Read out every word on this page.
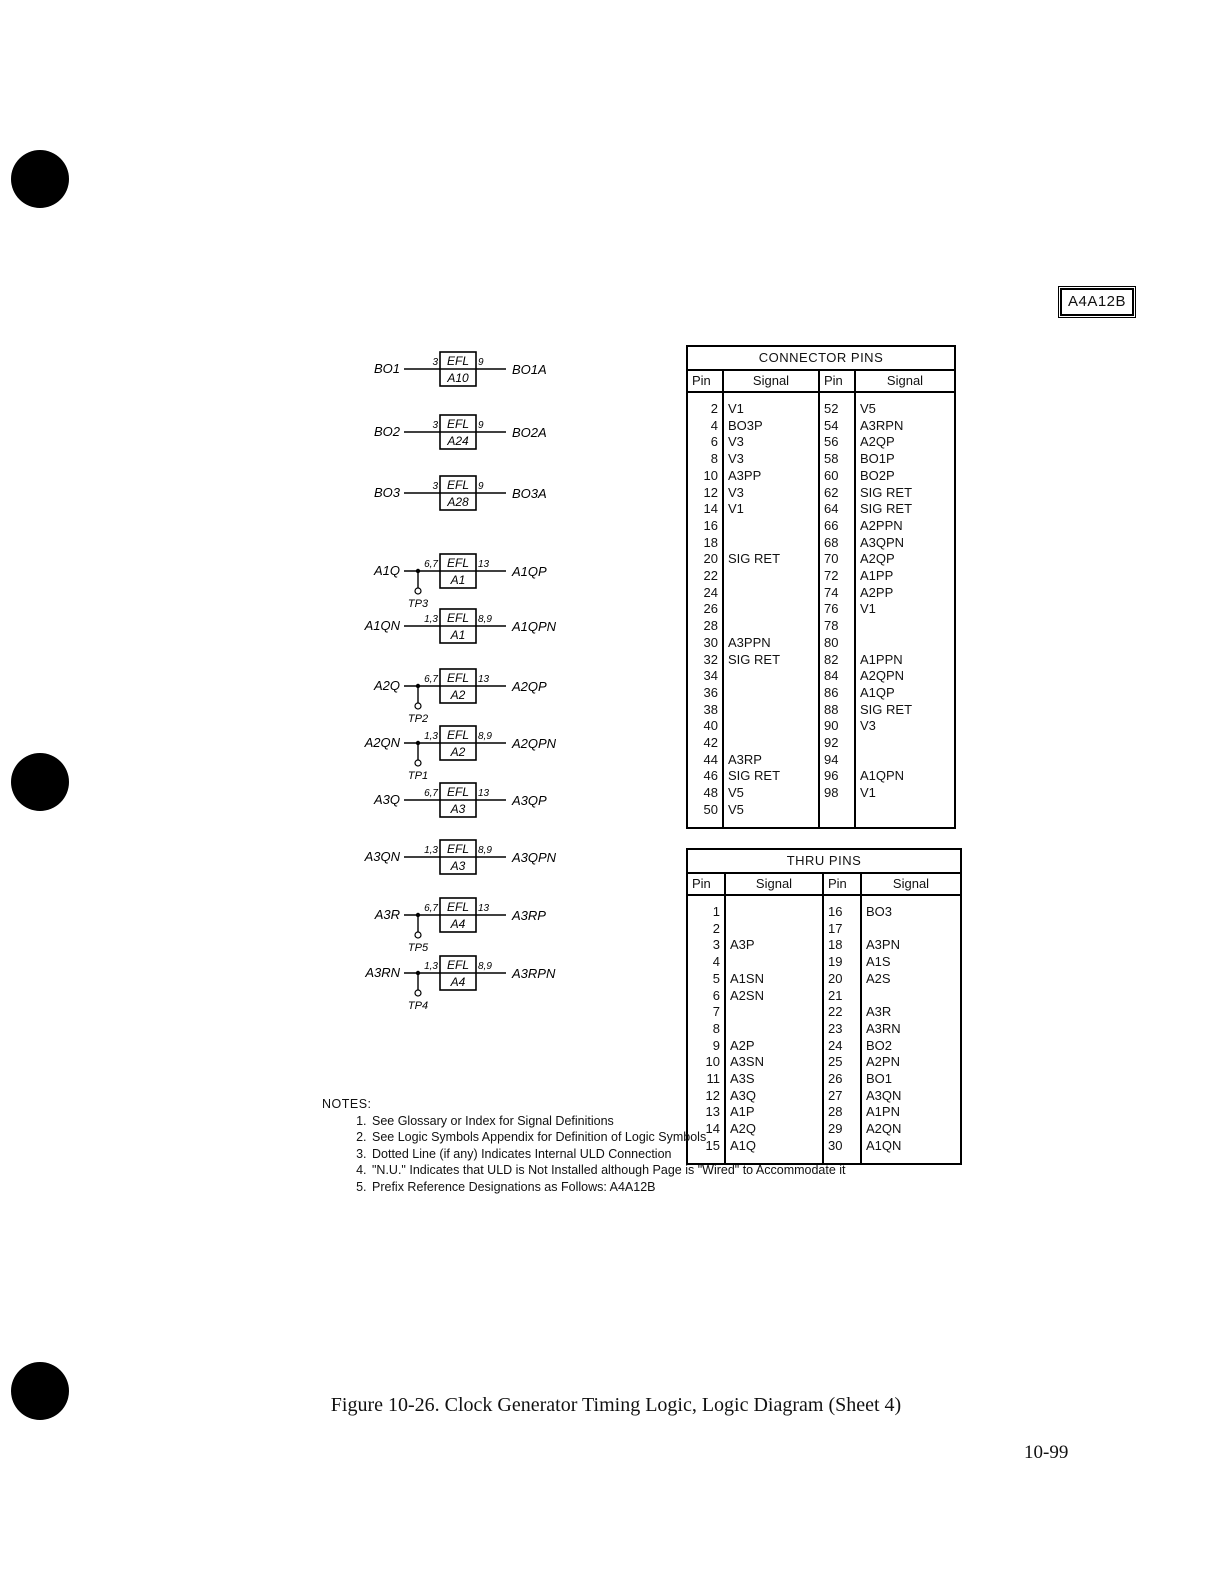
A4A12B
EFL
A10
3	9
BO1	BO1A
EFL
A24
3	9
BO2	BO2A
EFL
A28
3	9
BO3	BO3A
EFL
A1
6,7	13
A1Q	A1QP
TP3
EFL
A1
1,3	8,9
A1QN	A1QPN
EFL
A2
6,7	13
A2Q	A2QP
TP2
EFL
A2
1,3	8,9
A2QN	A2QPN
TP1
EFL
A3
6,7	13
A3Q	A3QP
EFL
A3
1,3	8,9
A3QN	A3QPN
EFL
A4
6,7	13
A3R	A3RP
TP5
EFL
A4
1,3	8,9
A3RN	A3RPN
TP4
CONNECTOR PINS			
Pin	Signal	Pin	Signal

2	V1	52	V5
4	BO3P	54	A3RPN
6	V3	56	A2QP
8	V3	58	BO1P
10	A3PP	60	BO2P
12	V3	62	SIG RET
14	V1	64	SIG RET
16		66	A2PPN
18		68	A3QPN
20	SIG RET	70	A2QP
22		72	A1PP
24		74	A2PP
26		76	V1
28		78	
30	A3PPN	80	
32	SIG RET	82	A1PPN
34		84	A2QPN
36		86	A1QP
38		88	SIG RET
40		90	V3
42		92	
44	A3RP	94	
46	SIG RET	96	A1QPN
48	V5	98	V1
50	V5		

THRU PINS			
Pin	Signal	Pin	Signal

1		16	BO3
2		17	
3	A3P	18	A3PN
4		19	A1S
5	A1SN	20	A2S
6	A2SN	21	
7		22	A3R
8		23	A3RN
9	A2P	24	BO2
10	A3SN	25	A2PN
11	A3S	26	BO1
12	A3Q	27	A3QN
13	A1P	28	A1PN
14	A2Q	29	A2QN
15	A1Q	30	A1QN

NOTES:
1. See Glossary or Index for Signal Definitions
2. See Logic Symbols Appendix for Definition of Logic Symbols
3. Dotted Line (if any) Indicates Internal ULD Connection
4. "N.U." Indicates that ULD is Not Installed although Page is "Wired" to Accommodate it
5. Prefix Reference Designations as Follows: A4A12B
Figure 10-26. Clock Generator Timing Logic, Logic Diagram (Sheet 4)
10-99
